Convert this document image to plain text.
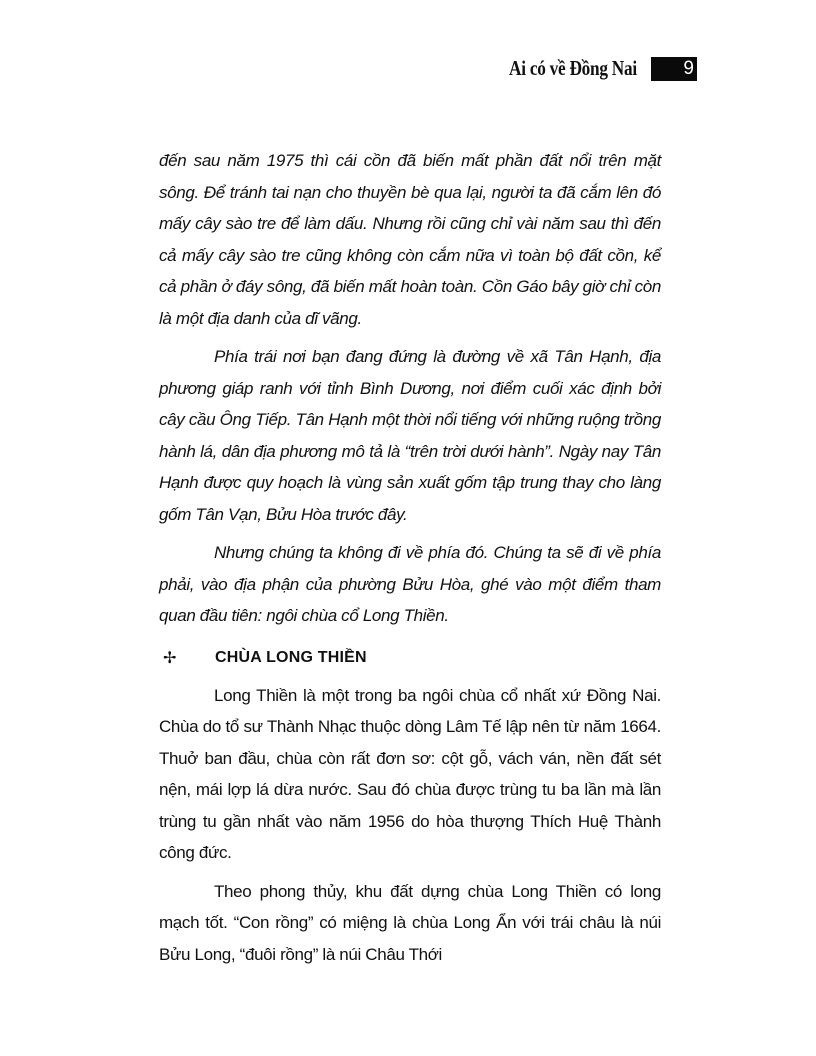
Ai có về Đồng Nai	9

đến sau năm 1975 thì cái cồn đã biến mất phần đất nổi trên mặt sông. Để tránh tai nạn cho thuyền bè qua lại, người ta đã cắm lên đó mấy cây sào tre để làm dấu. Nhưng rồi cũng chỉ vài năm sau thì đến cả mấy cây sào tre cũng không còn cắm nữa vì toàn bộ đất cồn, kể cả phần ở đáy sông, đã biến mất hoàn toàn. Cồn Gáo bây giờ chỉ còn là một địa danh của dĩ vãng.

Phía trái nơi bạn đang đứng là đường về xã Tân Hạnh, địa phương giáp ranh với tỉnh Bình Dương, nơi điểm cuối xác định bởi cây cầu Ông Tiếp. Tân Hạnh một thời nổi tiếng với những ruộng trồng hành lá, dân địa phương mô tả là “trên trời dưới hành”. Ngày nay Tân Hạnh được quy hoạch là vùng sản xuất gốm tập trung thay cho làng gốm Tân Vạn, Bửu Hòa trước đây.

Nhưng chúng ta không đi về phía đó. Chúng ta sẽ đi về phía phải, vào địa phận của phường Bửu Hòa, ghé vào một điểm tham quan đầu tiên: ngôi chùa cổ Long Thiền.

✢	CHÙA LONG THIỀN

Long Thiền là một trong ba ngôi chùa cổ nhất xứ Đồng Nai. Chùa do tổ sư Thành Nhạc thuộc dòng Lâm Tế lập nên từ năm 1664. Thuở ban đầu, chùa còn rất đơn sơ: cột gỗ, vách ván, nền đất sét nện, mái lợp lá dừa nước. Sau đó chùa được trùng tu ba lần mà lần trùng tu gần nhất vào năm 1956 do hòa thượng Thích Huệ Thành công đức.

Theo phong thủy, khu đất dựng chùa Long Thiền có long mạch tốt. “Con rồng” có miệng là chùa Long Ẩn với trái châu là núi Bửu Long, “đuôi rồng” là núi Châu Thới
